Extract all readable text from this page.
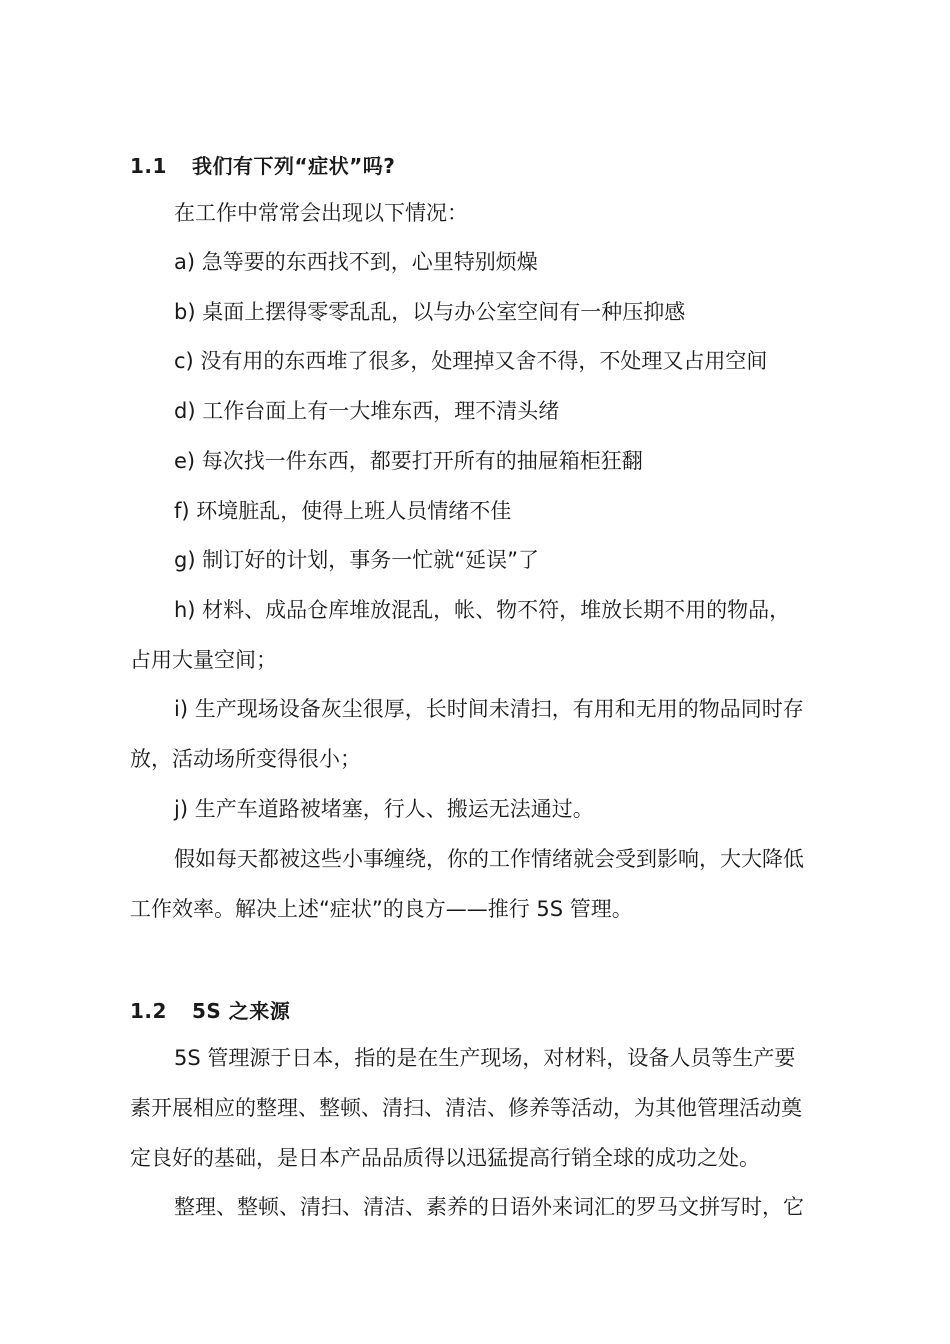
1.1 我们有下列“症状”吗?
在工作中常常会出现以下情况：
a) 急等要的东西找不到，心里特别烦燥
b) 桌面上摆得零零乱乱，以与办公室空间有一种压抑感
c) 没有用的东西堆了很多，处理掉又舍不得，不处理又占用空间
d) 工作台面上有一大堆东西，理不清头绪
e) 每次找一件东西，都要打开所有的抽屉箱柜狂翻
f) 环境脏乱，使得上班人员情绪不佳
g) 制订好的计划，事务一忙就“延误”了
h) 材料、成品仓库堆放混乱，帐、物不符，堆放长期不用的物品，
占用大量空间；
i) 生产现场设备灰尘很厚，长时间未清扫，有用和无用的物品同时存
放，活动场所变得很小；
j) 生产车道路被堵塞，行人、搬运无法通过。
假如每天都被这些小事缠绕，你的工作情绪就会受到影响，大大降低
工作效率。解决上述“症状”的良方——推行 5S 管理。
1.2 5S 之来源
5S 管理源于日本，指的是在生产现场，对材料，设备人员等生产要
素开展相应的整理、整顿、清扫、清洁、修养等活动，为其他管理活动奠
定良好的基础，是日本产品品质得以迅猛提高行销全球的成功之处。
整理、整顿、清扫、清洁、素养的日语外来词汇的罗马文拼写时，它
